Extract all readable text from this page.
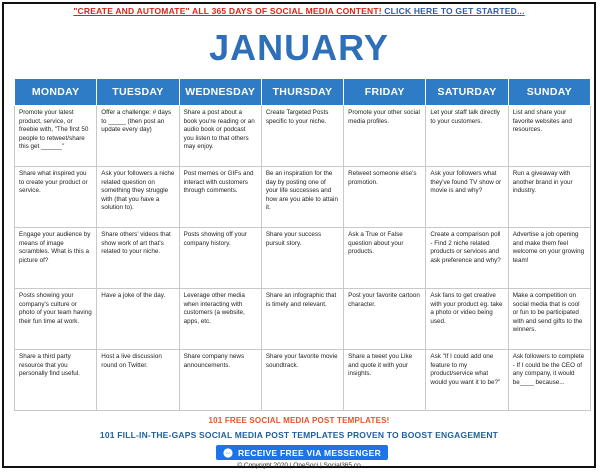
"CREATE AND AUTOMATE" ALL 365 DAYS OF SOCIAL MEDIA CONTENT! CLICK HERE TO GET STARTED...
JANUARY
MONDAY	TUESDAY	WEDNESDAY	THURSDAY	FRIDAY	SATURDAY	SUNDAY
Promote your latest product, service, or freebie with, "The first 50 people to retweet/share this get ______"	Offer a challenge: # days to _____ (then post an update every day)	Share a post about a book you're reading or an audio book or podcast you listen to that others may enjoy.	Create Targeted Posts specific to your niche.	Promote your other social media profiles.	Let your staff talk directly to your customers.	List and share your favorite websites and resources.
Share what inspired you to create your product or service.	Ask your followers a niche related question on something they struggle with (that you have a solution to).	Post memes or GIFs and interact with customers through comments.	Be an inspiration for the day by posting one of your life successes and how are you able to attain it.	Retweet someone else's promotion.	Ask your followers what they've found TV show or movie is and why?	Run a giveaway with another brand in your industry.
Engage your audience by means of image scrambles. What is this a picture of?	Share others' videos that show work of art that's related to your niche.	Posts showing off your company history.	Share your success pursuit story.	Ask a True or False question about your products.	Create a comparison poll - Find 2 niche related products or services and ask preference and why?	Advertise a job opening and make them feel welcome on your growing team!
Posts showing your company's culture or photo of your team having their fun time at work.	Have a joke of the day.	Leverage other media when interacting with customers (a website, apps, etc.	Share an infographic that is timely and relevant.	Post your favorite cartoon character.	Ask fans to get creative with your product eg. take a photo or video being used.	Make a competition on social media that is cool or fun to be participated with and send gifts to the winners.
Share a third party resource that you personally find useful.	Host a live discussion round on Twitter.	Share company news announcements.	Share your favorite movie soundtrack.	Share a tweet you Like and quote it with your insights.	Ask "If I could add one feature to my product/service what would you want it to be?"	Ask followers to complete - If I could be the CEO of any company, it would be____ because...
101 FREE SOCIAL MEDIA POST TEMPLATES!
101 FILL-IN-THE-GAPS SOCIAL MEDIA POST TEMPLATES PROVEN TO BOOST ENGAGEMENT
RECEIVE FREE VIA MESSENGER
© Copyright 2020 | OneSoci | Social365.co
